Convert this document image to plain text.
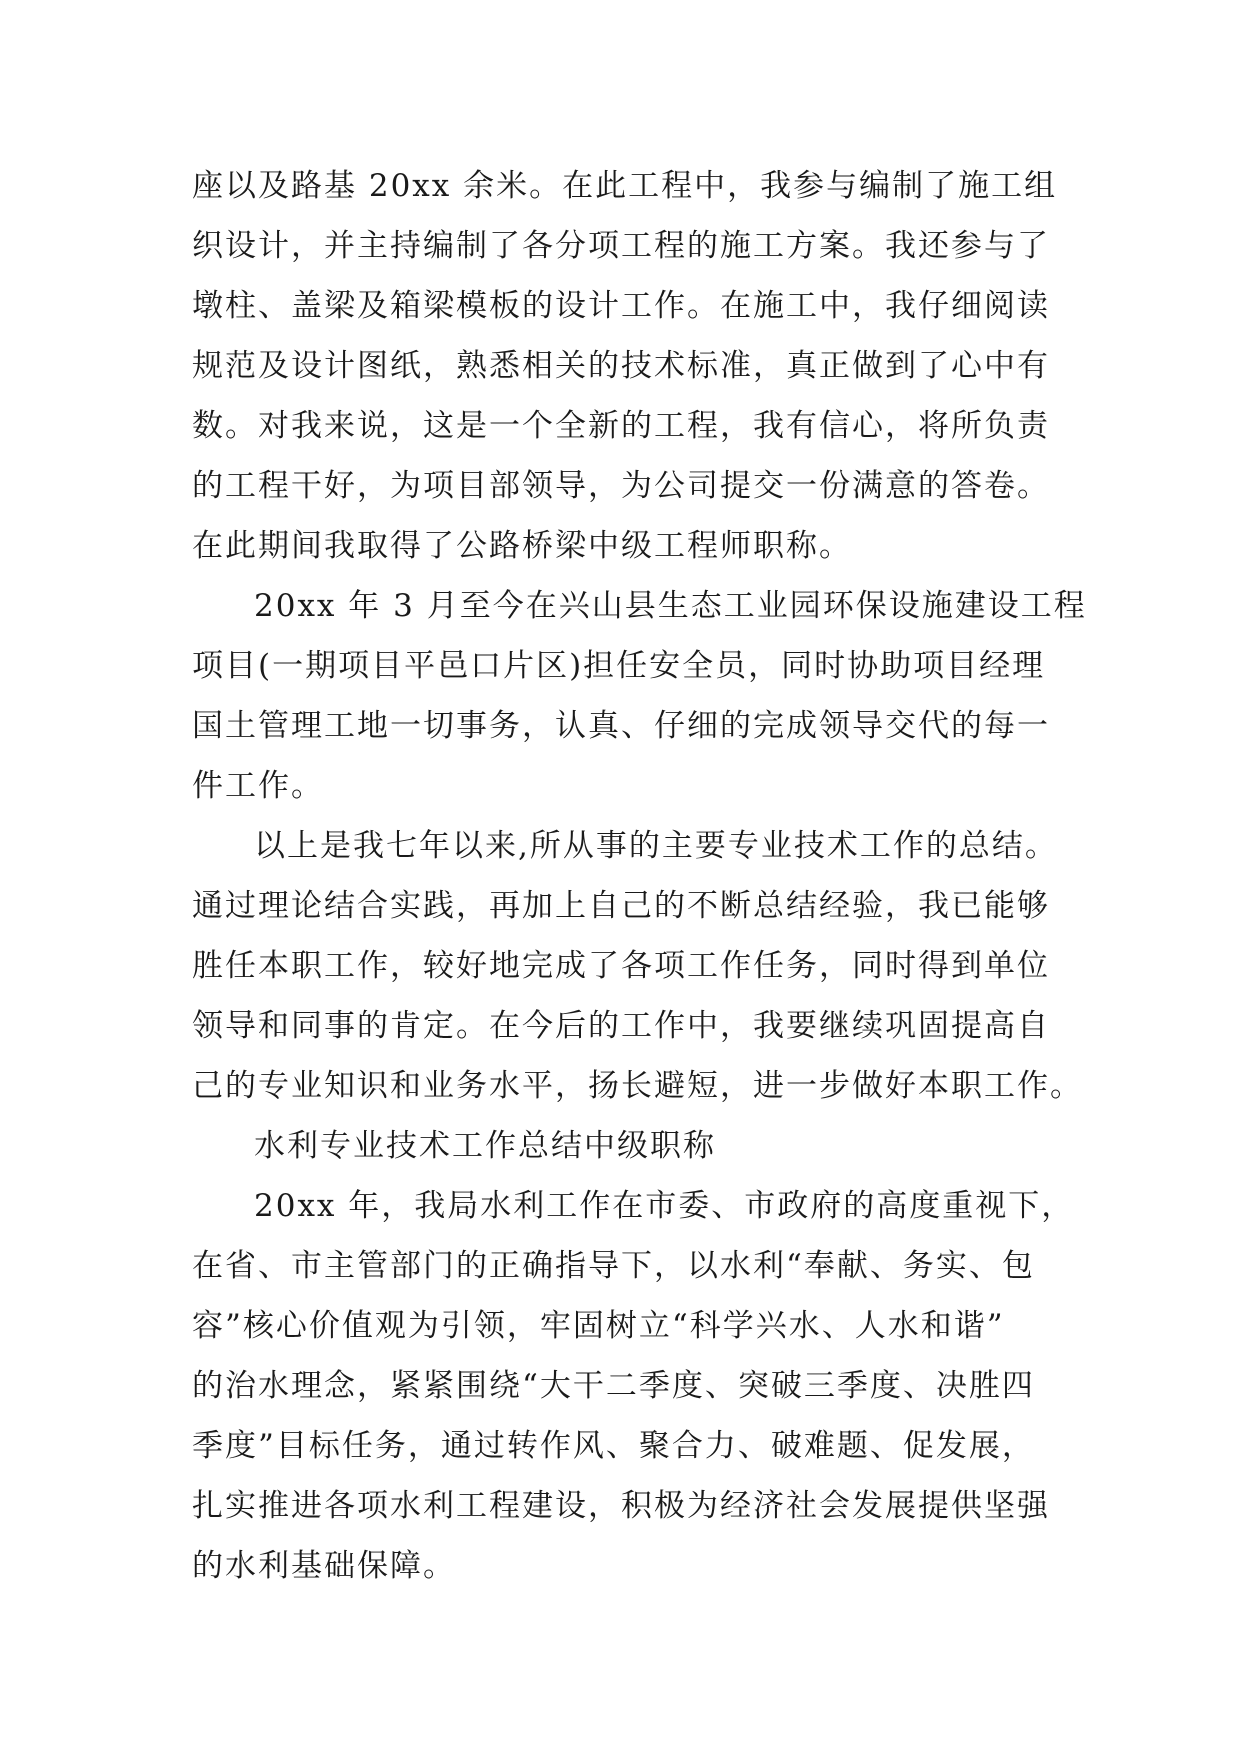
座以及路基 20xx 余米。在此工程中，我参与编制了施工组
织设计，并主持编制了各分项工程的施工方案。我还参与了
墩柱、盖梁及箱梁模板的设计工作。在施工中，我仔细阅读
规范及设计图纸，熟悉相关的技术标准，真正做到了心中有
数。对我来说，这是一个全新的工程，我有信心，将所负责
的工程干好，为项目部领导，为公司提交一份满意的答卷。
在此期间我取得了公路桥梁中级工程师职称。
20xx 年 3 月至今在兴山县生态工业园环保设施建设工程
项目(一期项目平邑口片区)担任安全员，同时协助项目经理
国土管理工地一切事务，认真、仔细的完成领导交代的每一
件工作。
以上是我七年以来,所从事的主要专业技术工作的总结。
通过理论结合实践，再加上自己的不断总结经验，我已能够
胜任本职工作，较好地完成了各项工作任务，同时得到单位
领导和同事的肯定。在今后的工作中，我要继续巩固提高自
己的专业知识和业务水平，扬长避短，进一步做好本职工作。
水利专业技术工作总结中级职称
20xx 年，我局水利工作在市委、市政府的高度重视下，
在省、市主管部门的正确指导下，以水利“奉献、务实、包
容”核心价值观为引领，牢固树立“科学兴水、人水和谐”
的治水理念，紧紧围绕“大干二季度、突破三季度、决胜四
季度”目标任务，通过转作风、聚合力、破难题、促发展，
扎实推进各项水利工程建设，积极为经济社会发展提供坚强
的水利基础保障。
